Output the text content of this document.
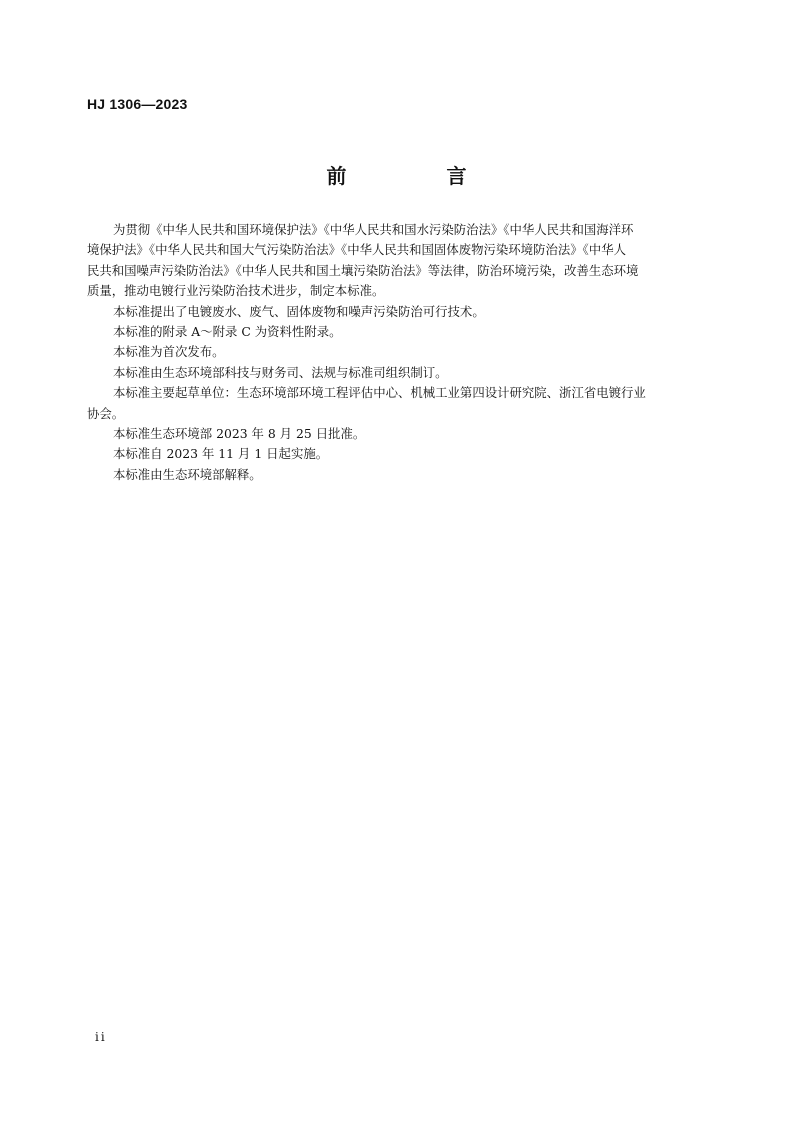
HJ 1306—2023
前　言

为贯彻《中华人民共和国环境保护法》《中华人民共和国水污染防治法》《中华人民共和国海洋环
境保护法》《中华人民共和国大气污染防治法》《中华人民共和国固体废物污染环境防治法》《中华人
民共和国噪声污染防治法》《中华人民共和国土壤污染防治法》等法律，防治环境污染，改善生态环境
质量，推动电镀行业污染防治技术进步，制定本标准。

本标准提出了电镀废水、废气、固体废物和噪声污染防治可行技术。

本标准的附录 A～附录 C 为资料性附录。

本标准为首次发布。

本标准由生态环境部科技与财务司、法规与标准司组织制订。

本标准主要起草单位：生态环境部环境工程评估中心、机械工业第四设计研究院、浙江省电镀行业
协会。

本标准生态环境部 2023 年 8 月 25 日批准。

本标准自 2023 年 11 月 1 日起实施。

本标准由生态环境部解释。

ii
